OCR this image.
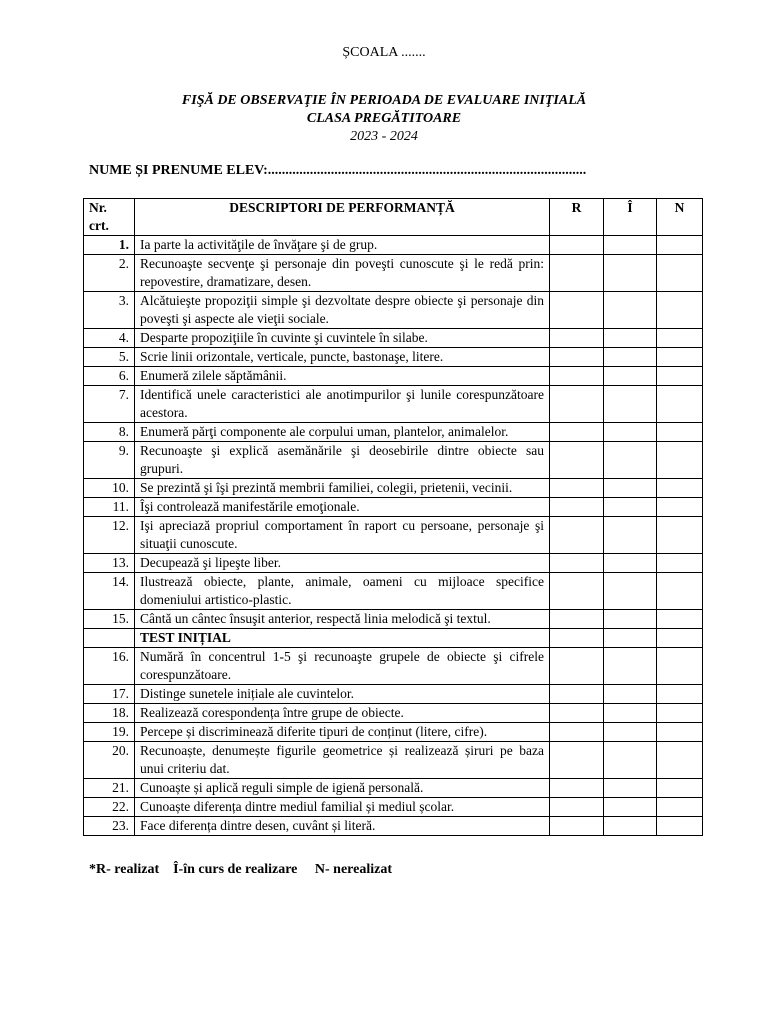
ȘCOALA .......
FIŞĂ DE OBSERVAŢIE ÎN PERIOADA DE EVALUARE INIŢIALĂ
CLASA PREGĂTITOARE
2023 - 2024
NUME ȘI PRENUME ELEV:...........................................................................................
Nr. crt.	DESCRIPTORI DE PERFORMANȚĂ	R	Î	N
1.	Ia parte la activităţile de învăţare şi de grup.			
2.	Recunoaşte secvenţe şi personaje din poveşti cunoscute şi le redă prin: repovestire, dramatizare, desen.			
3.	Alcătuieşte propoziţii simple şi dezvoltate despre obiecte şi personaje din poveşti şi aspecte ale vieţii sociale.			
4.	Desparte propoziţiile în cuvinte şi cuvintele în silabe.			
5.	Scrie linii orizontale, verticale, puncte, bastonaşe, litere.			
6.	Enumeră zilele săptămânii.			
7.	Identifică unele caracteristici ale anotimpurilor şi lunile corespunzătoare acestora.			
8.	Enumeră părţi componente ale corpului uman, plantelor, animalelor.			
9.	Recunoaşte şi explică asemănările şi deosebirile dintre obiecte sau grupuri.			
10.	Se prezintă şi îşi prezintă membrii familiei, colegii, prietenii, vecinii.			
11.	Îşi controlează manifestările emoţionale.			
12.	Işi apreciază propriul comportament în raport cu persoane, personaje şi situaţii cunoscute.			
13.	Decupează şi lipeşte liber.			
14.	Ilustrează obiecte, plante, animale, oameni cu mijloace specifice domeniului artistico-plastic.			
15.	Cântă un cântec însuşit anterior, respectă linia melodică şi textul.			
	TEST INIȚIAL			
16.	Numără în concentrul 1-5 şi recunoaşte grupele de obiecte şi cifrele corespunzătoare.			
17.	Distinge sunetele inițiale ale cuvintelor.			
18.	Realizează corespondența între grupe de obiecte.			
19.	Percepe și discriminează diferite tipuri de conținut (litere, cifre).			
20.	Recunoaște, denumește figurile geometrice și realizează șiruri pe baza unui criteriu dat.			
21.	Cunoaște și aplică reguli simple de igienă personală.			
22.	Cunoaște diferența dintre mediul familial și mediul școlar.			
23.	Face diferența dintre desen, cuvânt și literă.			
*R- realizat    Î-în curs de realizare     N- nerealizat
